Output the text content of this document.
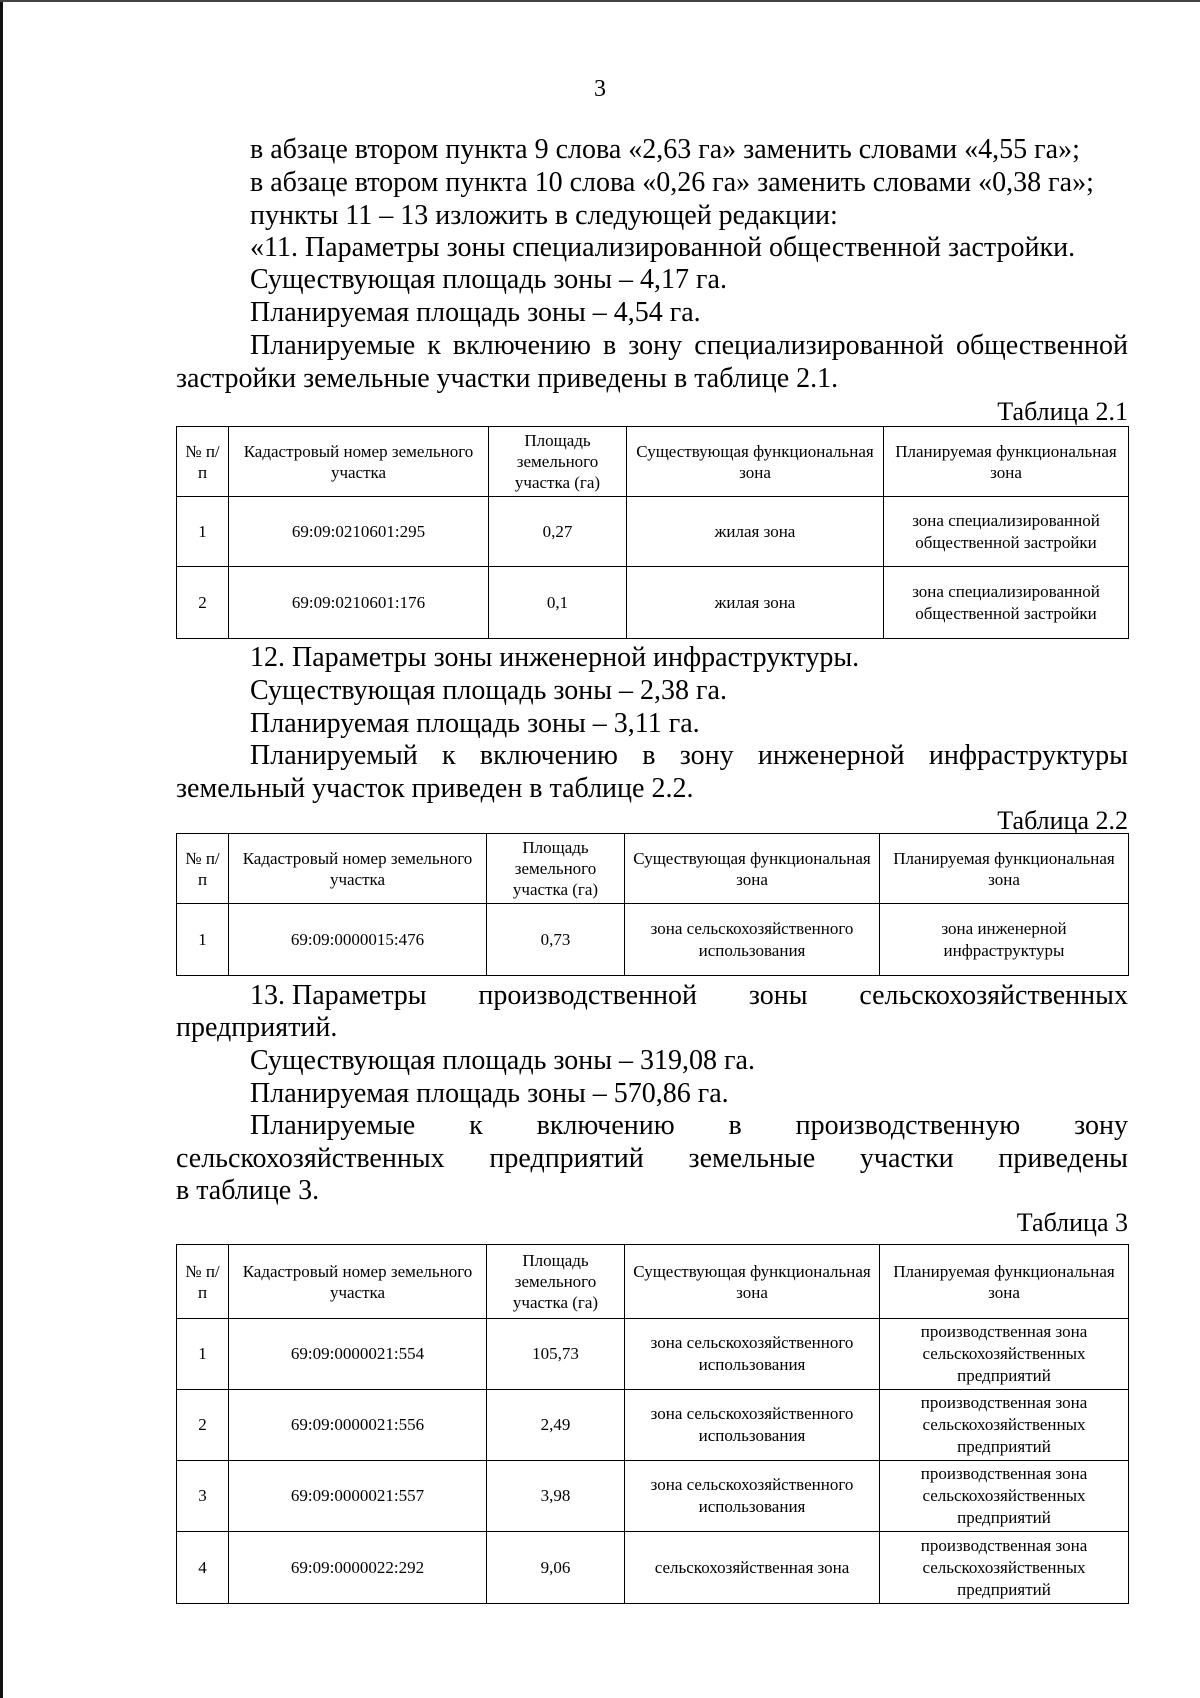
3
в абзаце втором пункта 9 слова «2,63 га» заменить словами «4,55 га»;
в абзаце втором пункта 10 слова «0,26 га» заменить словами «0,38 га»;
пункты 11 – 13 изложить в следующей редакции:
«11. Параметры зоны специализированной общественной застройки.
Существующая площадь зоны – 4,17 га.
Планируемая площадь зоны – 4,54 га.
Планируемые к включению в зону специализированной общественной
застройки земельные участки приведены в таблице 2.1.
Таблица 2.1
№ п/п	Кадастровый номер земельного участка	Площадь земельного участка (га)	Существующая функциональная зона	Планируемая функциональная зона
1	69:09:0210601:295	0,27	жилая зона	зона специализированной общественной застройки
2	69:09:0210601:176	0,1	жилая зона	зона специализированной общественной застройки
12. Параметры зоны инженерной инфраструктуры.
Существующая площадь зоны – 2,38 га.
Планируемая площадь зоны – 3,11 га.
Планируемый к включению в зону инженерной инфраструктуры
земельный участок приведен в таблице 2.2.
Таблица 2.2
№ п/п	Кадастровый номер земельного участка	Площадь земельного участка (га)	Существующая функциональная зона	Планируемая функциональная зона
1	69:09:0000015:476	0,73	зона сельскохозяйственного использования	зона инженерной инфраструктуры
13. Параметры производственной зоны сельскохозяйственных
предприятий.
Существующая площадь зоны – 319,08 га.
Планируемая площадь зоны – 570,86 га.
Планируемые к включению в производственную зону
сельскохозяйственных предприятий земельные участки приведены
в таблице 3.
Таблица 3
№ п/п	Кадастровый номер земельного участка	Площадь земельного участка (га)	Существующая функциональная зона	Планируемая функциональная зона
1	69:09:0000021:554	105,73	зона сельскохозяйственного использования	производственная зона сельскохозяйственных предприятий
2	69:09:0000021:556	2,49	зона сельскохозяйственного использования	производственная зона сельскохозяйственных предприятий
3	69:09:0000021:557	3,98	зона сельскохозяйственного использования	производственная зона сельскохозяйственных предприятий
4	69:09:0000022:292	9,06	сельскохозяйственная зона	производственная зона сельскохозяйственных предприятий
